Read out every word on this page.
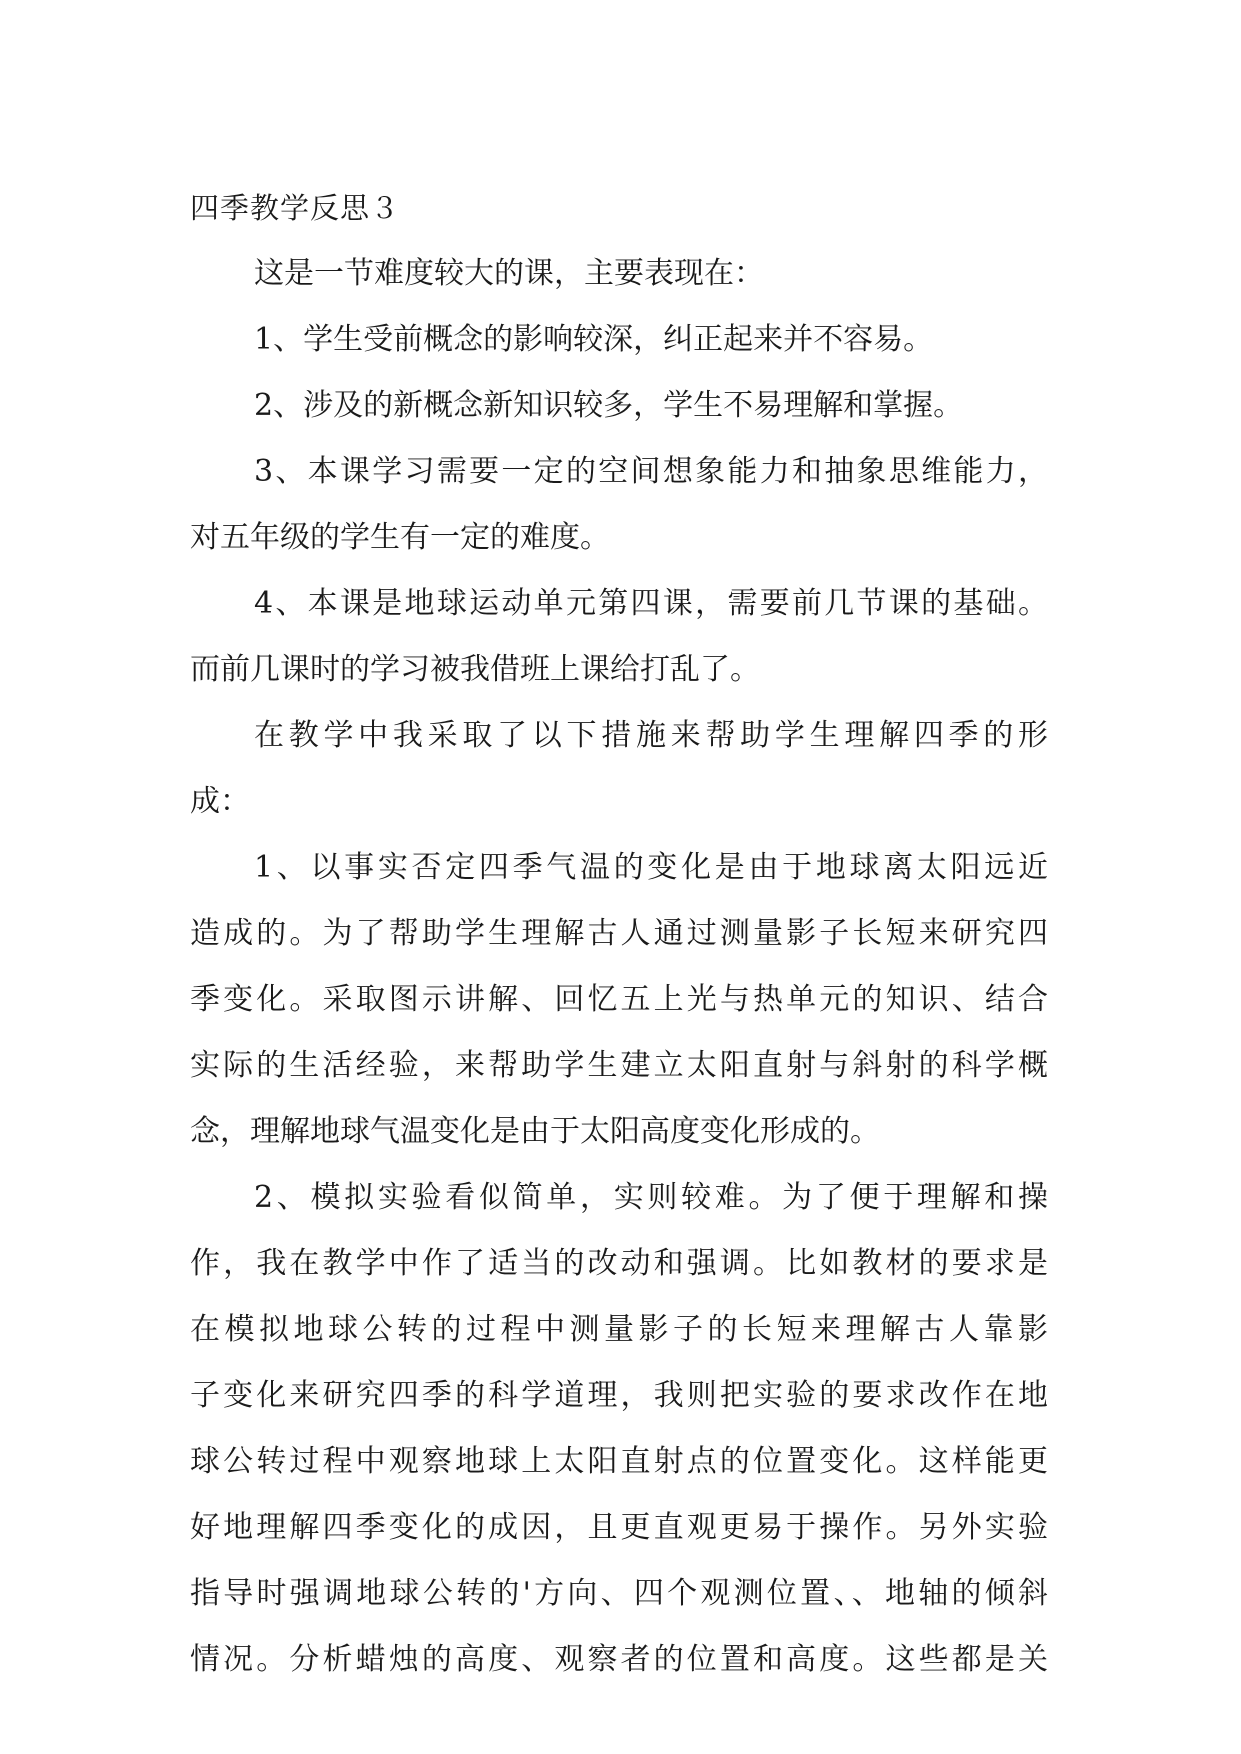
四季教学反思３
这是一节难度较大的课，主要表现在：
1、学生受前概念的影响较深，纠正起来并不容易。
2、涉及的新概念新知识较多，学生不易理解和掌握。
3、本课学习需要一定的空间想象能力和抽象思维能力，
对五年级的学生有一定的难度。
4、本课是地球运动单元第四课，需要前几节课的基础。
而前几课时的学习被我借班上课给打乱了。
在教学中我采取了以下措施来帮助学生理解四季的形
成：
1、以事实否定四季气温的变化是由于地球离太阳远近
造成的。为了帮助学生理解古人通过测量影子长短来研究四
季变化。采取图示讲解、回忆五上光与热单元的知识、结合
实际的生活经验，来帮助学生建立太阳直射与斜射的科学概
念，理解地球气温变化是由于太阳高度变化形成的。
2、模拟实验看似简单，实则较难。为了便于理解和操
作，我在教学中作了适当的改动和强调。比如教材的要求是
在模拟地球公转的过程中测量影子的长短来理解古人靠影
子变化来研究四季的科学道理，我则把实验的要求改作在地
球公转过程中观察地球上太阳直射点的位置变化。这样能更
好地理解四季变化的成因，且更直观更易于操作。另外实验
指导时强调地球公转的'方向、四个观测位置、、地轴的倾斜
情况。分析蜡烛的高度、观察者的位置和高度。这些都是关
